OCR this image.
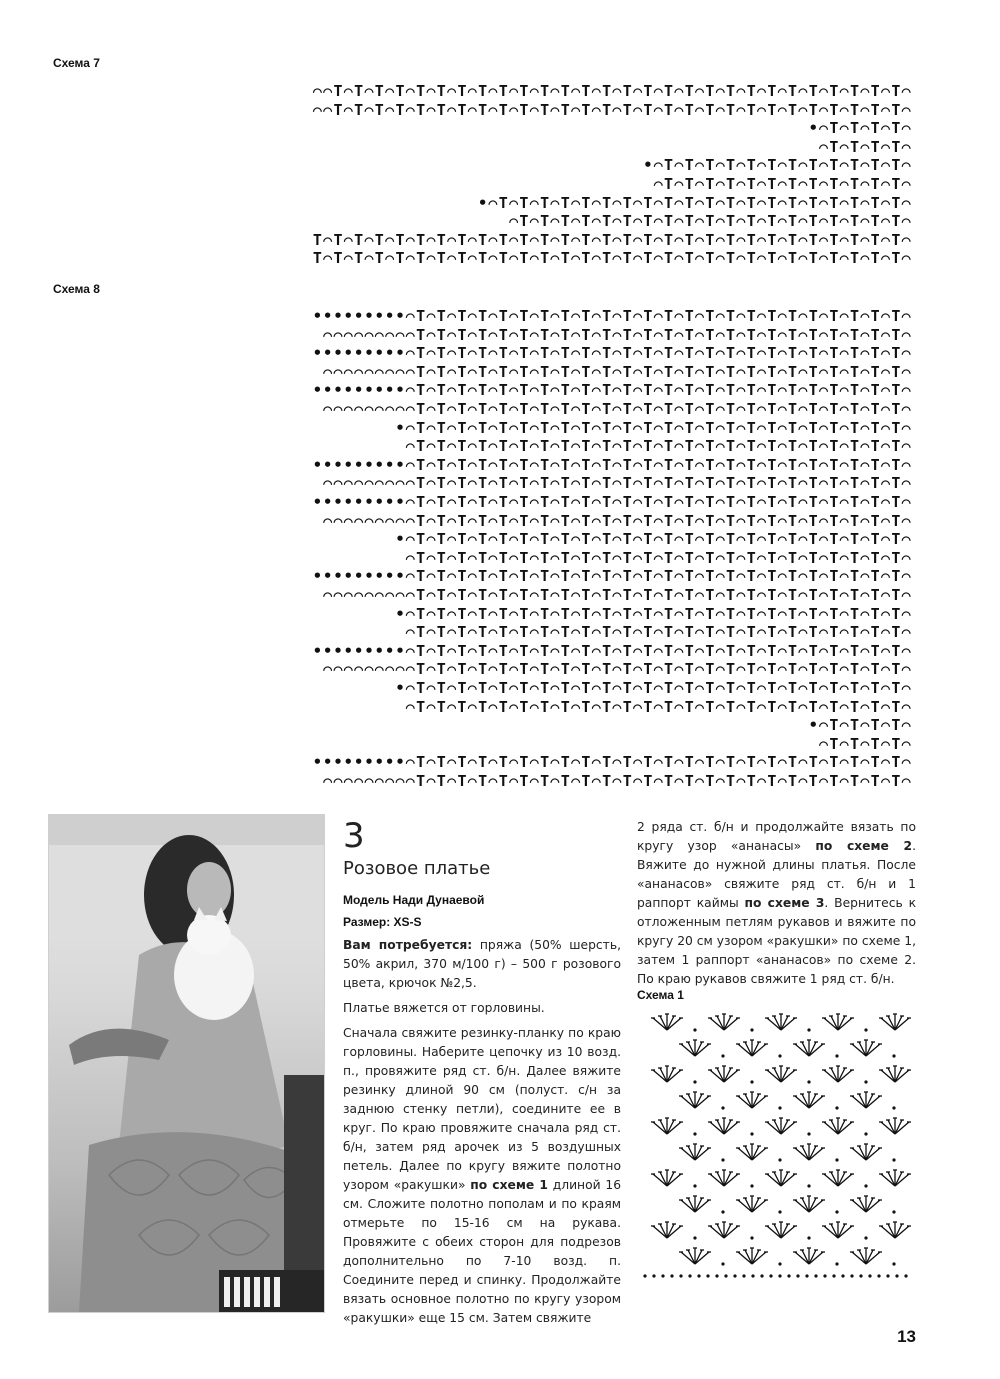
Схема 7
⌒⌒T⌒T⌒T⌒T⌒T⌒T⌒T⌒T⌒T⌒T⌒T⌒T⌒T⌒T⌒T⌒T⌒T⌒T⌒T⌒T⌒T⌒T⌒T⌒T⌒T⌒T⌒T⌒T⌒
⌒⌒T⌒T⌒T⌒T⌒T⌒T⌒T⌒T⌒T⌒T⌒T⌒T⌒T⌒T⌒T⌒T⌒T⌒T⌒T⌒T⌒T⌒T⌒T⌒T⌒T⌒T⌒T⌒T⌒
•⌒T⌒T⌒T⌒T⌒
⌒T⌒T⌒T⌒T⌒
•⌒T⌒T⌒T⌒T⌒T⌒T⌒T⌒T⌒T⌒T⌒T⌒T⌒
⌒T⌒T⌒T⌒T⌒T⌒T⌒T⌒T⌒T⌒T⌒T⌒T⌒
•⌒T⌒T⌒T⌒T⌒T⌒T⌒T⌒T⌒T⌒T⌒T⌒T⌒T⌒T⌒T⌒T⌒T⌒T⌒T⌒T⌒
⌒T⌒T⌒T⌒T⌒T⌒T⌒T⌒T⌒T⌒T⌒T⌒T⌒T⌒T⌒T⌒T⌒T⌒T⌒T⌒
T⌒T⌒T⌒T⌒T⌒T⌒T⌒T⌒T⌒T⌒T⌒T⌒T⌒T⌒T⌒T⌒T⌒T⌒T⌒T⌒T⌒T⌒T⌒T⌒T⌒T⌒T⌒T⌒T⌒
T⌒T⌒T⌒T⌒T⌒T⌒T⌒T⌒T⌒T⌒T⌒T⌒T⌒T⌒T⌒T⌒T⌒T⌒T⌒T⌒T⌒T⌒T⌒T⌒T⌒T⌒T⌒T⌒T⌒
Схема 8
•••••••••⌒T⌒T⌒T⌒T⌒T⌒T⌒T⌒T⌒T⌒T⌒T⌒T⌒T⌒T⌒T⌒T⌒T⌒T⌒T⌒T⌒T⌒T⌒T⌒T⌒
⌒⌒⌒⌒⌒⌒⌒⌒⌒T⌒T⌒T⌒T⌒T⌒T⌒T⌒T⌒T⌒T⌒T⌒T⌒T⌒T⌒T⌒T⌒T⌒T⌒T⌒T⌒T⌒T⌒T⌒T⌒
•••••••••⌒T⌒T⌒T⌒T⌒T⌒T⌒T⌒T⌒T⌒T⌒T⌒T⌒T⌒T⌒T⌒T⌒T⌒T⌒T⌒T⌒T⌒T⌒T⌒T⌒
⌒⌒⌒⌒⌒⌒⌒⌒⌒T⌒T⌒T⌒T⌒T⌒T⌒T⌒T⌒T⌒T⌒T⌒T⌒T⌒T⌒T⌒T⌒T⌒T⌒T⌒T⌒T⌒T⌒T⌒T⌒
•••••••••⌒T⌒T⌒T⌒T⌒T⌒T⌒T⌒T⌒T⌒T⌒T⌒T⌒T⌒T⌒T⌒T⌒T⌒T⌒T⌒T⌒T⌒T⌒T⌒T⌒
⌒⌒⌒⌒⌒⌒⌒⌒⌒T⌒T⌒T⌒T⌒T⌒T⌒T⌒T⌒T⌒T⌒T⌒T⌒T⌒T⌒T⌒T⌒T⌒T⌒T⌒T⌒T⌒T⌒T⌒T⌒
•⌒T⌒T⌒T⌒T⌒T⌒T⌒T⌒T⌒T⌒T⌒T⌒T⌒T⌒T⌒T⌒T⌒T⌒T⌒T⌒T⌒T⌒T⌒T⌒T⌒
⌒T⌒T⌒T⌒T⌒T⌒T⌒T⌒T⌒T⌒T⌒T⌒T⌒T⌒T⌒T⌒T⌒T⌒T⌒T⌒T⌒T⌒T⌒T⌒T⌒
•••••••••⌒T⌒T⌒T⌒T⌒T⌒T⌒T⌒T⌒T⌒T⌒T⌒T⌒T⌒T⌒T⌒T⌒T⌒T⌒T⌒T⌒T⌒T⌒T⌒T⌒
⌒⌒⌒⌒⌒⌒⌒⌒⌒T⌒T⌒T⌒T⌒T⌒T⌒T⌒T⌒T⌒T⌒T⌒T⌒T⌒T⌒T⌒T⌒T⌒T⌒T⌒T⌒T⌒T⌒T⌒T⌒
•••••••••⌒T⌒T⌒T⌒T⌒T⌒T⌒T⌒T⌒T⌒T⌒T⌒T⌒T⌒T⌒T⌒T⌒T⌒T⌒T⌒T⌒T⌒T⌒T⌒T⌒
⌒⌒⌒⌒⌒⌒⌒⌒⌒T⌒T⌒T⌒T⌒T⌒T⌒T⌒T⌒T⌒T⌒T⌒T⌒T⌒T⌒T⌒T⌒T⌒T⌒T⌒T⌒T⌒T⌒T⌒T⌒
•⌒T⌒T⌒T⌒T⌒T⌒T⌒T⌒T⌒T⌒T⌒T⌒T⌒T⌒T⌒T⌒T⌒T⌒T⌒T⌒T⌒T⌒T⌒T⌒T⌒
⌒T⌒T⌒T⌒T⌒T⌒T⌒T⌒T⌒T⌒T⌒T⌒T⌒T⌒T⌒T⌒T⌒T⌒T⌒T⌒T⌒T⌒T⌒T⌒T⌒
•••••••••⌒T⌒T⌒T⌒T⌒T⌒T⌒T⌒T⌒T⌒T⌒T⌒T⌒T⌒T⌒T⌒T⌒T⌒T⌒T⌒T⌒T⌒T⌒T⌒T⌒
⌒⌒⌒⌒⌒⌒⌒⌒⌒T⌒T⌒T⌒T⌒T⌒T⌒T⌒T⌒T⌒T⌒T⌒T⌒T⌒T⌒T⌒T⌒T⌒T⌒T⌒T⌒T⌒T⌒T⌒T⌒
•⌒T⌒T⌒T⌒T⌒T⌒T⌒T⌒T⌒T⌒T⌒T⌒T⌒T⌒T⌒T⌒T⌒T⌒T⌒T⌒T⌒T⌒T⌒T⌒T⌒
⌒T⌒T⌒T⌒T⌒T⌒T⌒T⌒T⌒T⌒T⌒T⌒T⌒T⌒T⌒T⌒T⌒T⌒T⌒T⌒T⌒T⌒T⌒T⌒T⌒
•••••••••⌒T⌒T⌒T⌒T⌒T⌒T⌒T⌒T⌒T⌒T⌒T⌒T⌒T⌒T⌒T⌒T⌒T⌒T⌒T⌒T⌒T⌒T⌒T⌒T⌒
⌒⌒⌒⌒⌒⌒⌒⌒⌒T⌒T⌒T⌒T⌒T⌒T⌒T⌒T⌒T⌒T⌒T⌒T⌒T⌒T⌒T⌒T⌒T⌒T⌒T⌒T⌒T⌒T⌒T⌒T⌒
•⌒T⌒T⌒T⌒T⌒T⌒T⌒T⌒T⌒T⌒T⌒T⌒T⌒T⌒T⌒T⌒T⌒T⌒T⌒T⌒T⌒T⌒T⌒T⌒T⌒
⌒T⌒T⌒T⌒T⌒T⌒T⌒T⌒T⌒T⌒T⌒T⌒T⌒T⌒T⌒T⌒T⌒T⌒T⌒T⌒T⌒T⌒T⌒T⌒T⌒
•⌒T⌒T⌒T⌒T⌒
⌒T⌒T⌒T⌒T⌒
•••••••••⌒T⌒T⌒T⌒T⌒T⌒T⌒T⌒T⌒T⌒T⌒T⌒T⌒T⌒T⌒T⌒T⌒T⌒T⌒T⌒T⌒T⌒T⌒T⌒T⌒
⌒⌒⌒⌒⌒⌒⌒⌒⌒T⌒T⌒T⌒T⌒T⌒T⌒T⌒T⌒T⌒T⌒T⌒T⌒T⌒T⌒T⌒T⌒T⌒T⌒T⌒T⌒T⌒T⌒T⌒T⌒
3
Розовое платье
Модель Нади Дунаевой
Размер: XS-S
Вам потребуется: пряжа (50% шерсть, 50% акрил, 370 м/100 г) – 500 г розового цвета, крючок №2,5.
Платье вяжется от горловины.
Сначала свяжите резинку-планку по краю горловины. Наберите цепочку из 10 возд. п., провяжите ряд ст. б/н. Далее вяжите резинку длиной 90 см (полуст. с/н за заднюю стенку петли), соедините ее в круг. По краю провяжите сначала ряд ст. б/н, затем ряд арочек из 5 воздушных петель. Далее по кругу вяжите полотно узором «ракушки» по схеме 1 длиной 16 см. Сложите полотно пополам и по краям отмерьте по 15-16 см на рукава. Провяжите с обеих сторон для подрезов дополнительно по 7-10 возд. п. Соедините перед и спинку. Продолжайте вязать основное полотно по кругу узором «ракушки» еще 15 см. Затем свяжите
2 ряда ст. б/н и продолжайте вязать по кругу узор «ананасы» по схеме 2. Вяжите до нужной длины платья. После «ананасов» свяжите ряд ст. б/н и 1 раппорт каймы по схеме 3. Вернитесь к отложенным петлям рукавов и вяжите по кругу 20 см узором «ракушки» по схеме 1, затем 1 раппорт «ананасов» по схеме 2. По краю рукавов свяжите 1 ряд ст. б/н.
Схема 1
13
